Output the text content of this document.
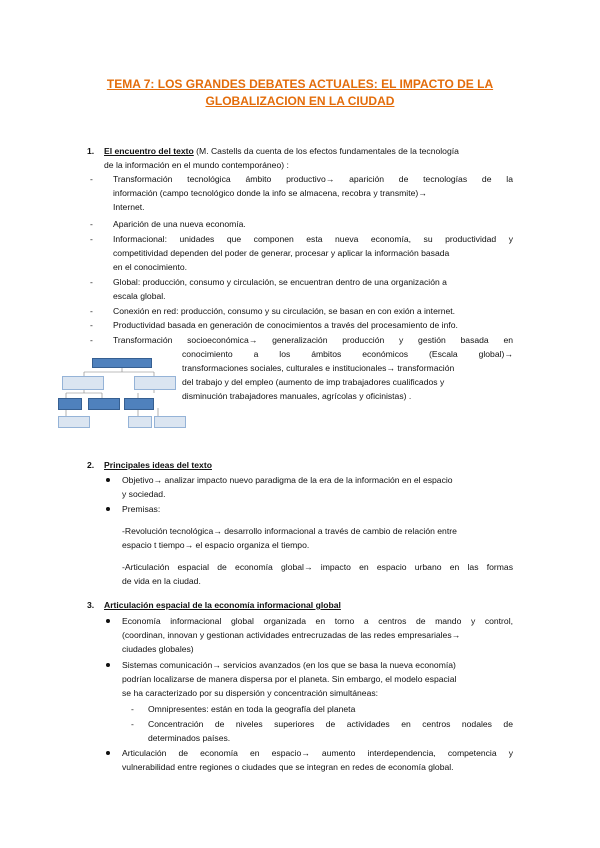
TEMA 7: LOS GRANDES DEBATES ACTUALES: EL IMPACTO DE LA
GLOBALIZACION EN LA CIUDAD
1. El encuentro del texto (M. Castells da cuenta de los efectos fundamentales de la tecnología
de la información en el mundo contemporáneo) :
- Transformación tecnológica ámbito productivo→ aparición de tecnologías de la
información (campo tecnológico donde la info se almacena, recobra y transmite)→
Internet.
- Aparición de una nueva economía.
- Informacional: unidades que componen esta nueva economía, su productividad y
competitividad dependen del poder de generar, procesar y aplicar la información basada
en el conocimiento.
- Global: producción, consumo y circulación, se encuentran dentro de una organización a
escala global.
- Conexión en red: producción, consumo y su circulación, se basan en con exión a internet.
- Productividad basada en generación de conocimientos a través del procesamiento de info.
- Transformación socioeconómica→ generalización producción y gestión basada en
conocimiento a los ámbitos económicos (Escala global)→
transformaciones sociales, culturales e institucionales→ transformación
del trabajo y del empleo (aumento de imp trabajadores cualificados y
disminución trabajadores manuales, agrícolas y oficinistas) .
2. Principales ideas del texto
Objetivo→ analizar impacto nuevo paradigma de la era de la información en el espacio
y sociedad.
Premisas:
-Revolución tecnológica→ desarrollo informacional a través de cambio de relación entre
espacio t tiempo→ el espacio organiza el tiempo.
-Articulación espacial de economía global→ impacto en espacio urbano en las formas
de vida en la ciudad.
3. Articulación espacial de la economía informacional global
Economía informacional global organizada en torno a centros de mando y control,
(coordinan, innovan y gestionan actividades entrecruzadas de las redes empresariales→
ciudades globales)
Sistemas comunicación→ servicios avanzados (en los que se basa la nueva economía)
podrían localizarse de manera dispersa por el planeta. Sin embargo, el modelo espacial
se ha caracterizado por su dispersión y concentración simultáneas:
- Omnipresentes: están en toda la geografía del planeta
- Concentración de niveles superiores de actividades en centros nodales de
determinados países.
Articulación de economía en espacio→ aumento interdependencia, competencia y
vulnerabilidad entre regiones o ciudades que se integran en redes de economía global.
